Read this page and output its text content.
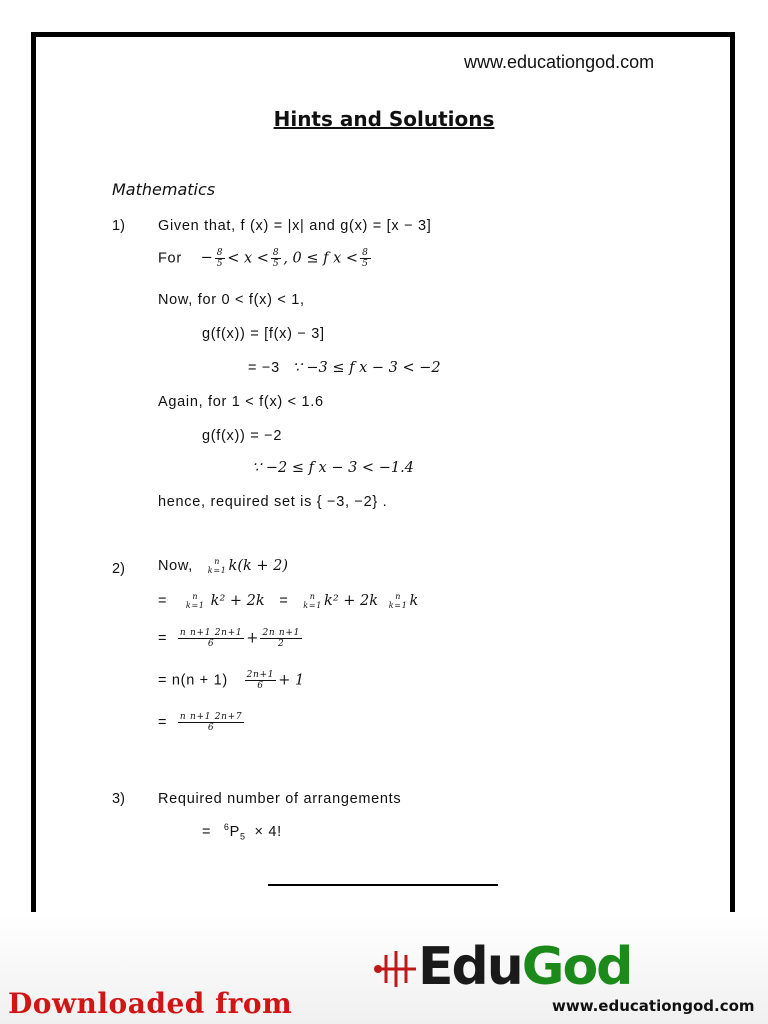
www.educationgod.com
Hints and Solutions
Mathematics
1) Given that, f (x) = |x| and g(x) = [x − 3]
For − $\frac{8}{5} < x < \frac{8}{5}$ , 0 ≤ f $x < \frac{8}{5}$
Now, for 0 < f(x) < 1,
g(f(x)) = [f(x) − 3]
= −3 ∵ −3 ≤ f x − 3 < −2
Again, for 1 < f(x) < 1.6
g(f(x)) = −2
∵ −2 ≤ f x − 3 < −1.4
hence, required set is { −3, −2} .
2) Now,	n
k=1 k(k + 2)
=	n
k=1 k² + 2k =	n
k=1 k² + 2k	n
k=1 k
= $\frac{\text{n n+1 2n+1}}{6} + \frac{\text{2n n+1}}{2}$
= $n(n + 1) \frac{2n+1}{6} + 1$
= $\frac{\text{n n+1 2n+7}}{6}$
3) Required number of arrangements
= $^6P_5 \times 4$!
Downloaded from
EduGod
www.educationgod.com
